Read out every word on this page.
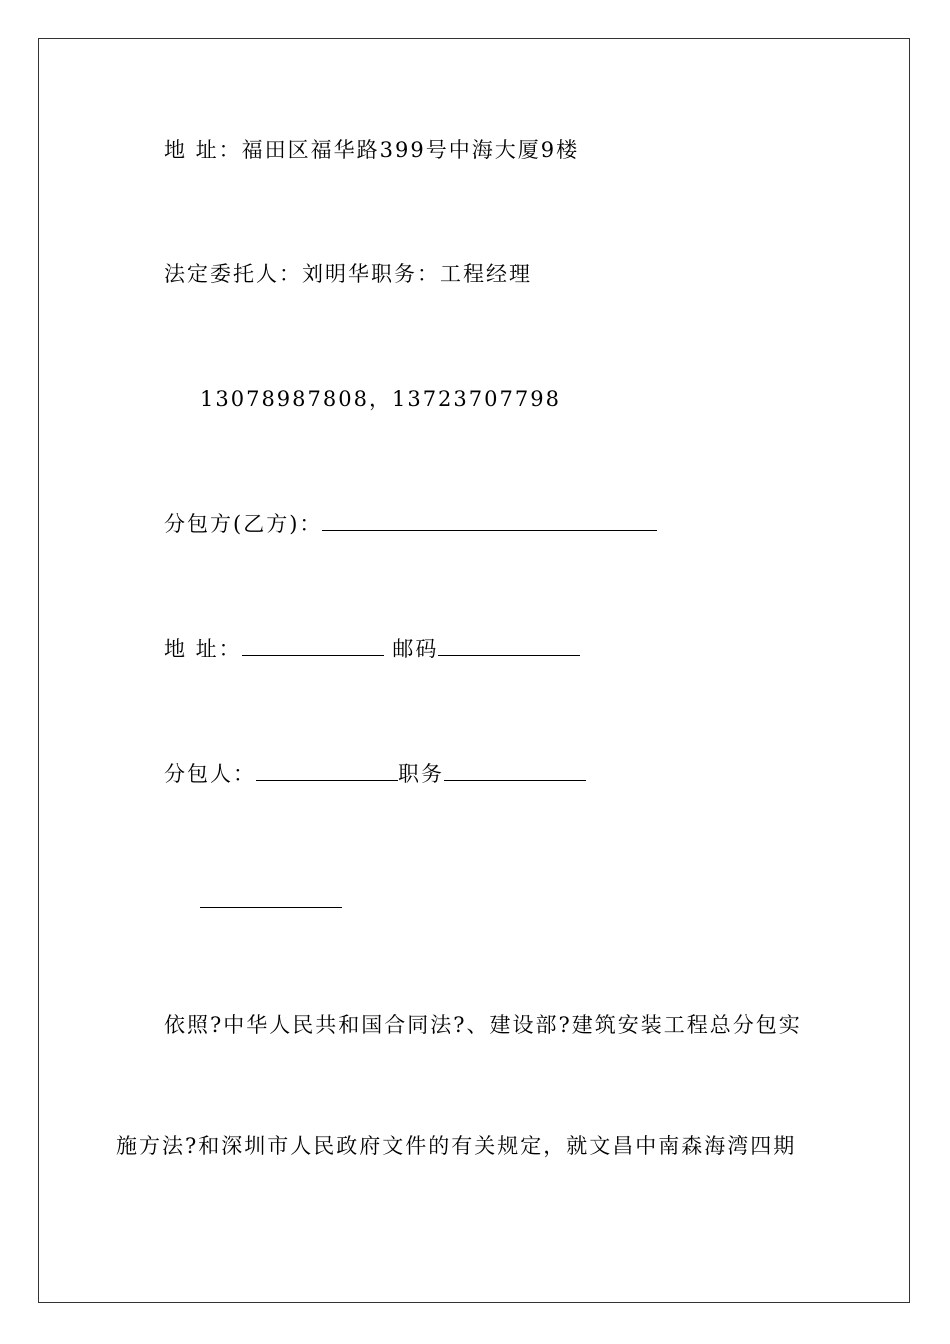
地 址：福田区福华路399号中海大厦9楼
法定委托人：刘明华职务：工程经理
13078987808，13723707798
分包方(乙方)：
地 址：	邮码
分包人：	职务
依照?中华人民共和国合同法?、建设部?建筑安装工程总分包实
施方法?和深圳市人民政府文件的有关规定，就文昌中南森海湾四期
